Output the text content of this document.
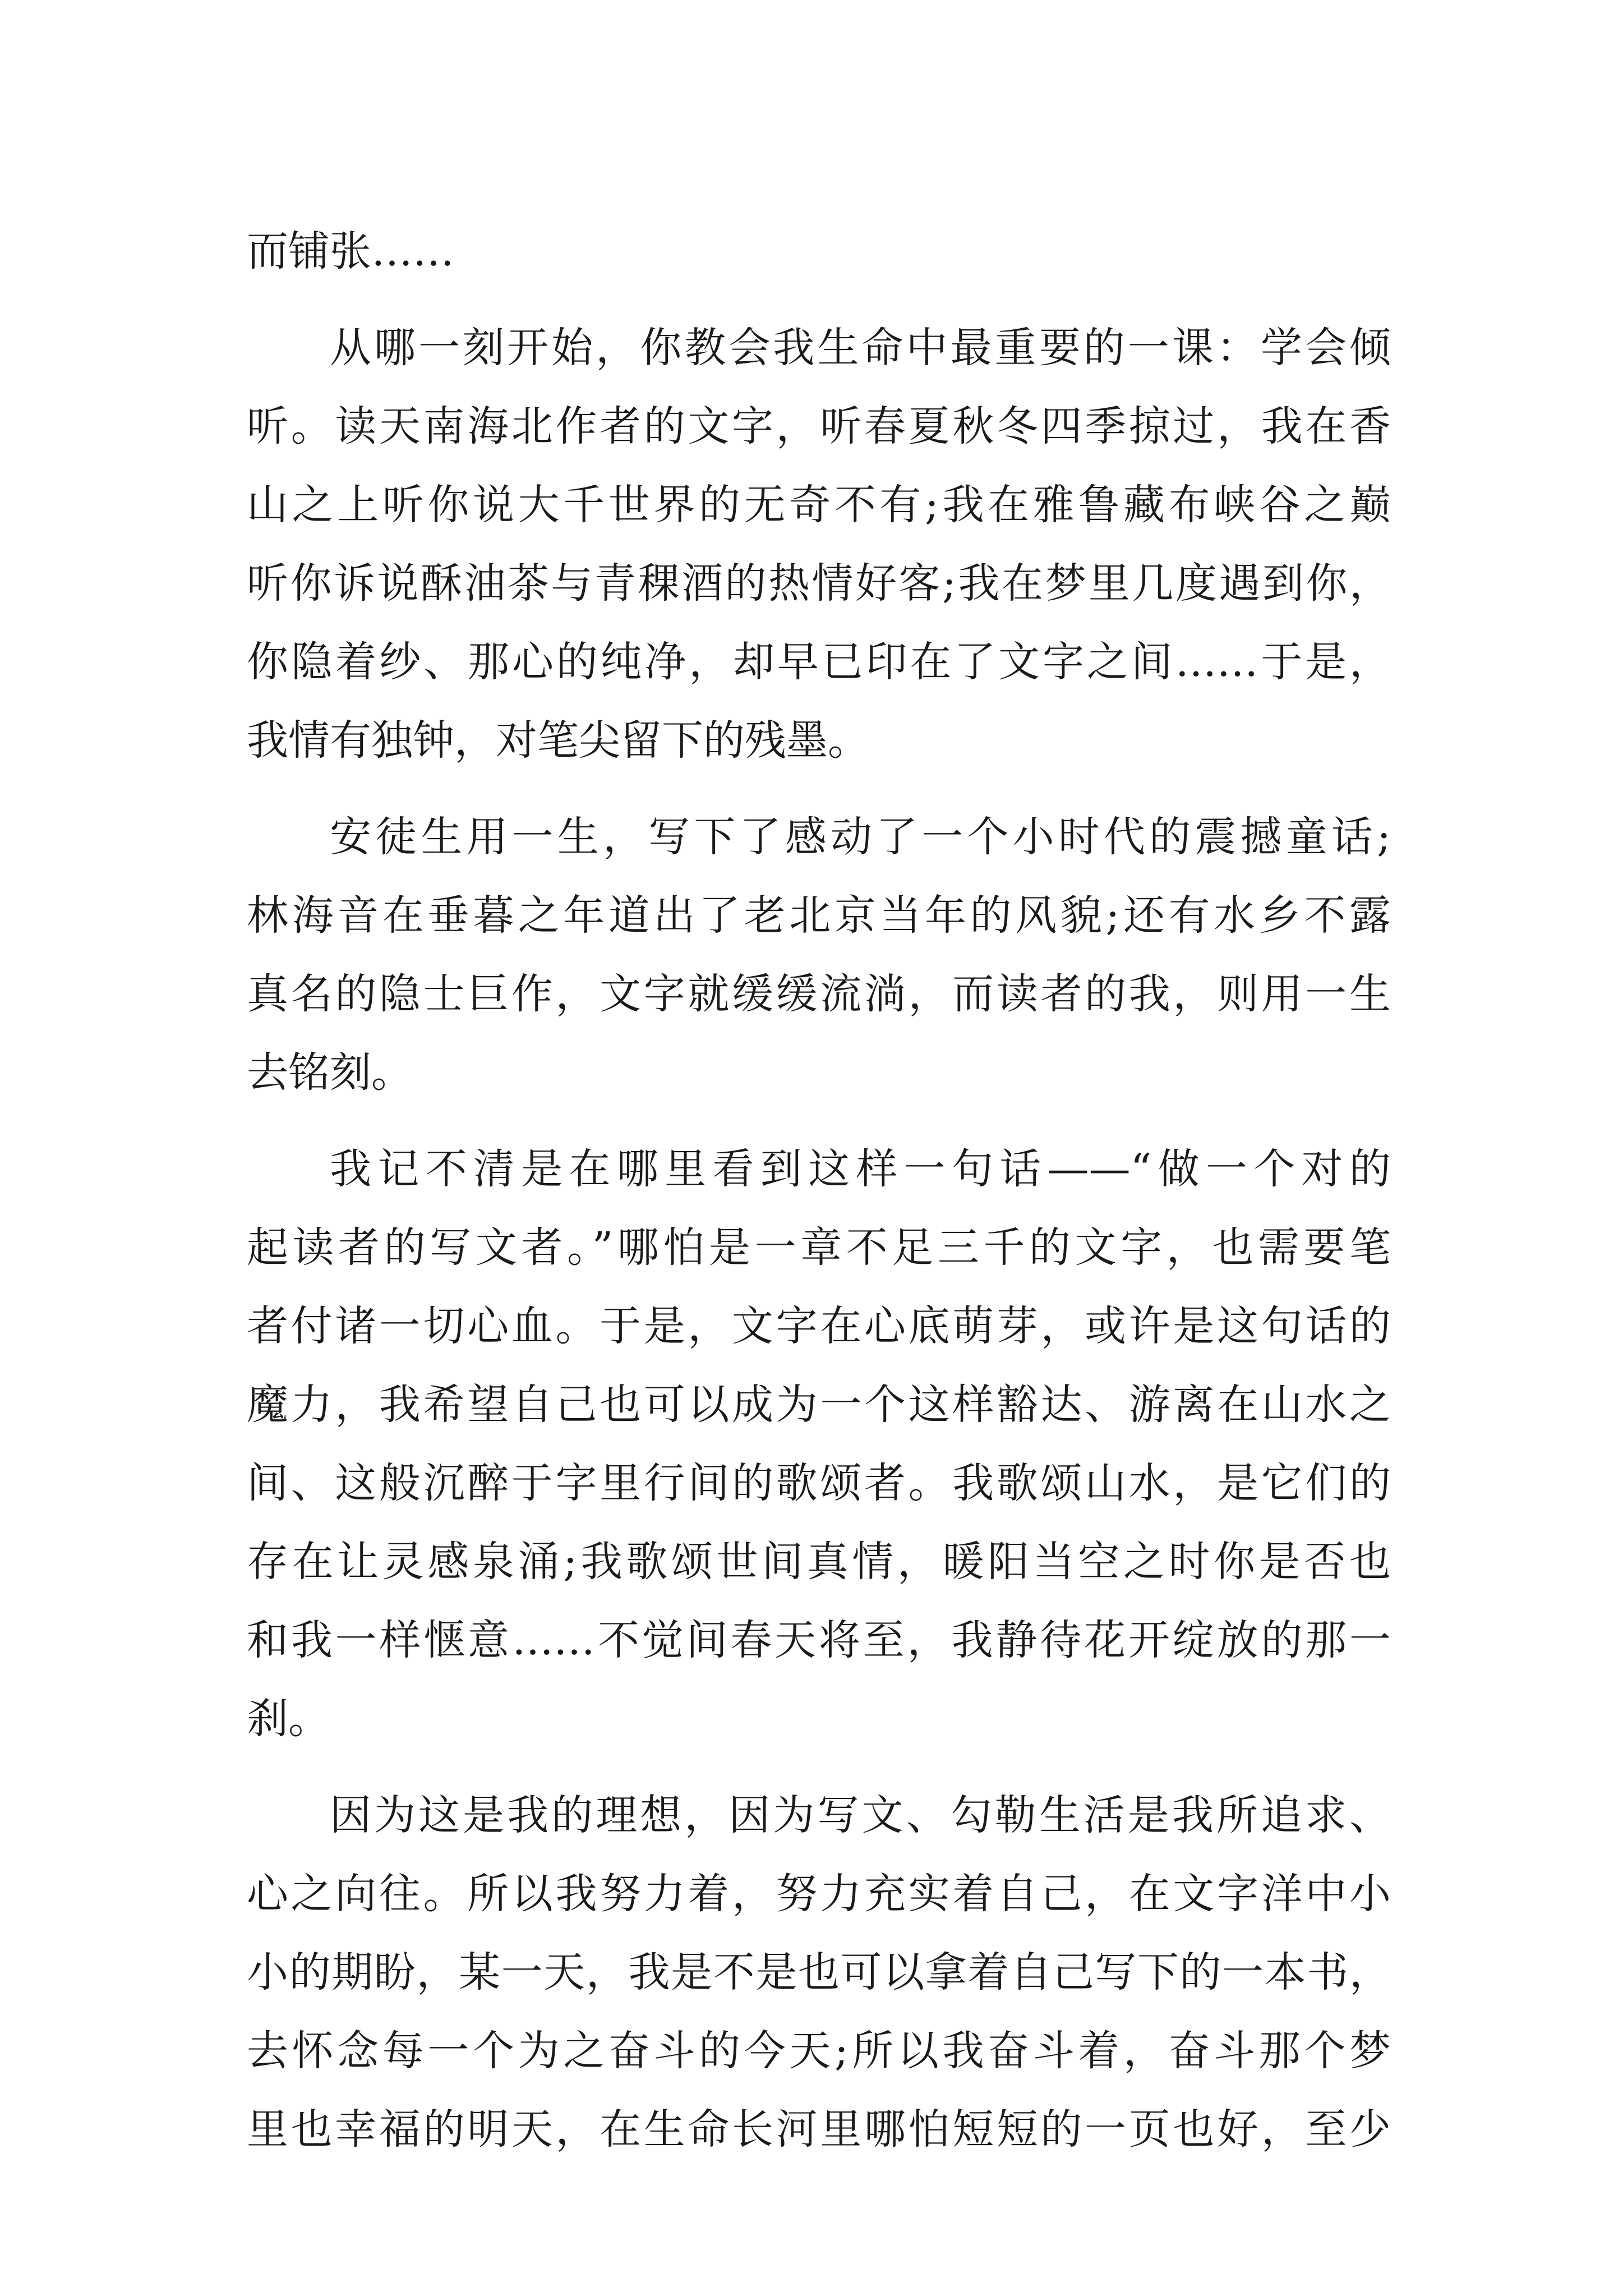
而铺张……
从哪一刻开始，你教会我生命中最重要的一课：学会倾
听。读天南海北作者的文字，听春夏秋冬四季掠过，我在香
山之上听你说大千世界的无奇不有;我在雅鲁藏布峡谷之巅
听你诉说酥油茶与青稞酒的热情好客;我在梦里几度遇到你，
你隐着纱、那心的纯净，却早已印在了文字之间……于是，
我情有独钟，对笔尖留下的残墨。
安徒生用一生，写下了感动了一个小时代的震撼童话;
林海音在垂暮之年道出了老北京当年的风貌;还有水乡不露
真名的隐士巨作，文字就缓缓流淌，而读者的我，则用一生
去铭刻。
我记不清是在哪里看到这样一句话——“做一个对的
起读者的写文者。”哪怕是一章不足三千的文字，也需要笔
者付诸一切心血。于是，文字在心底萌芽，或许是这句话的
魔力，我希望自己也可以成为一个这样豁达、游离在山水之
间、这般沉醉于字里行间的歌颂者。我歌颂山水，是它们的
存在让灵感泉涌;我歌颂世间真情，暖阳当空之时你是否也
和我一样惬意……不觉间春天将至，我静待花开绽放的那一
刹。
因为这是我的理想，因为写文、勾勒生活是我所追求、
心之向往。所以我努力着，努力充实着自己，在文字洋中小
小的期盼，某一天，我是不是也可以拿着自己写下的一本书，
去怀念每一个为之奋斗的今天;所以我奋斗着，奋斗那个梦
里也幸福的明天，在生命长河里哪怕短短的一页也好，至少
